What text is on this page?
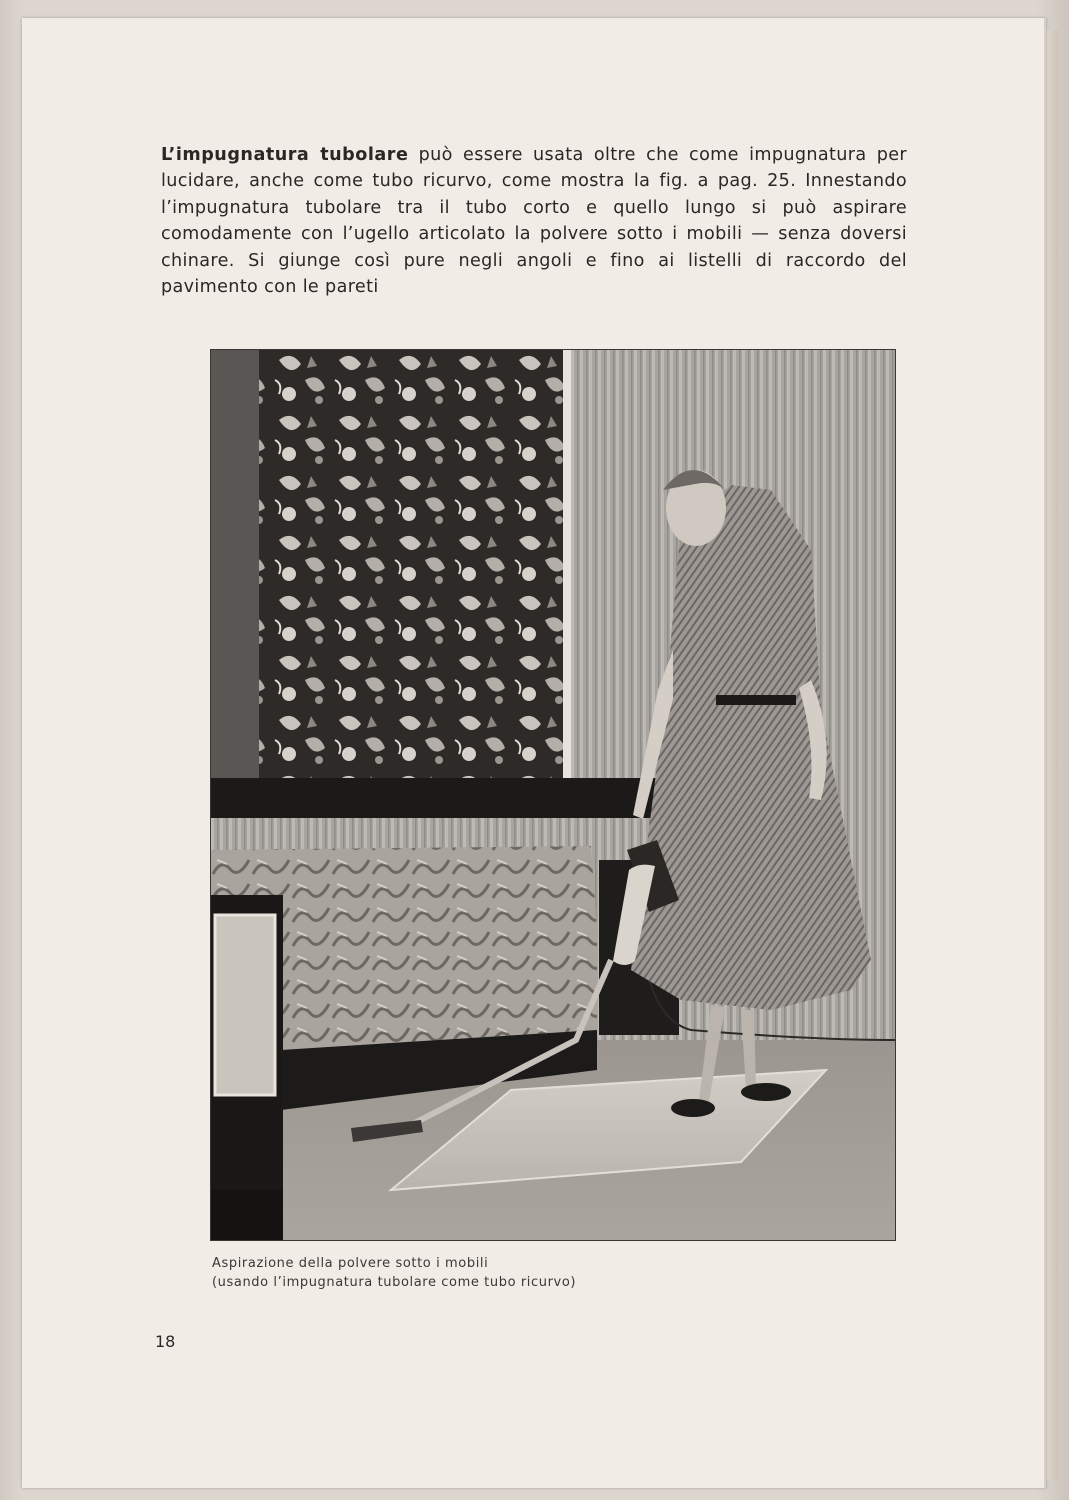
L’impugnatura tubolare può essere usata oltre che come impugnatura per lucidare, anche come tubo ricurvo, come mostra la fig. a pag. 25. Innestando l’impugnatura tubolare tra il tubo corto e quello lungo si può aspirare comodamente con l’ugello articolato la polvere sotto i mobili — senza doversi chinare. Si giunge così pure negli angoli e fino ai listelli di raccordo del pavimento con le pareti

Aspirazione della polvere sotto i mobili
(usando l’impugnatura tubolare come tubo ricurvo)
18
